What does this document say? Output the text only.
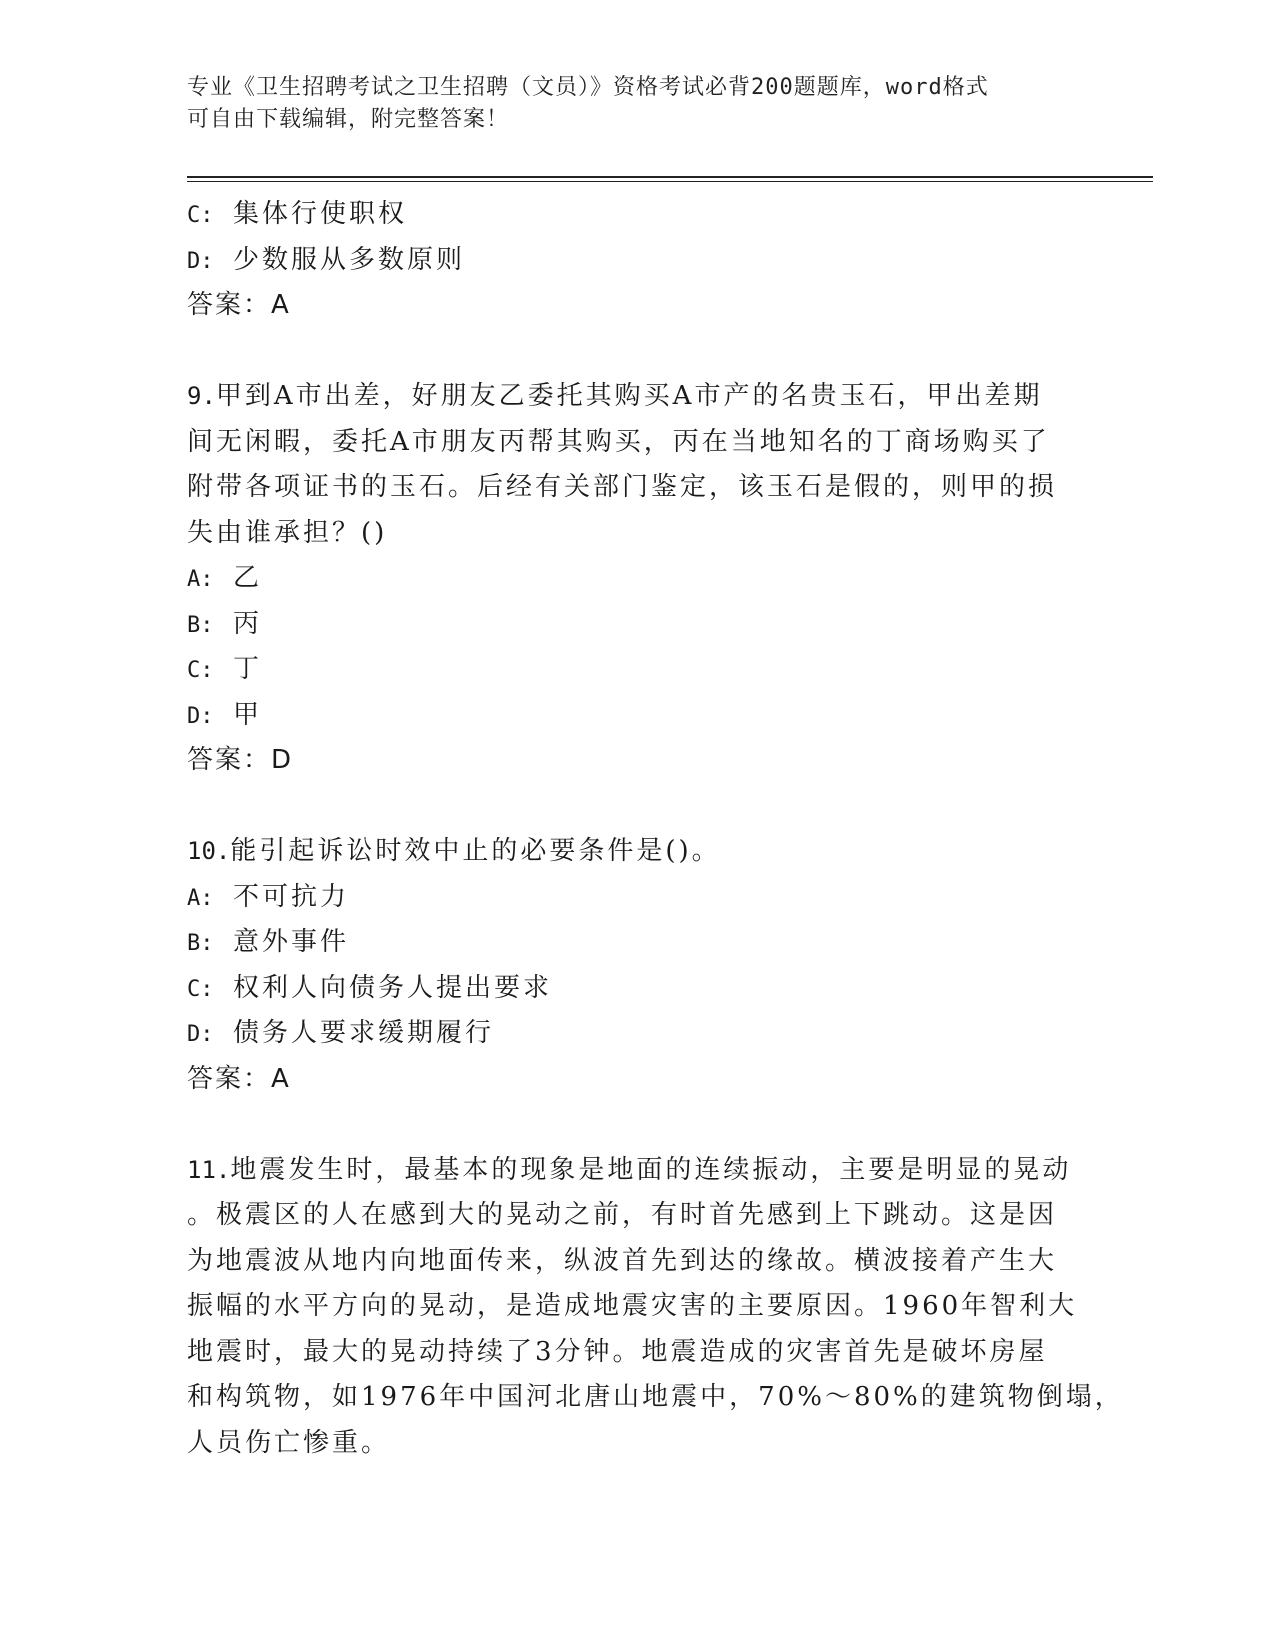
专业《卫生招聘考试之卫生招聘（文员）》资格考试必背200题题库，word格式
可自由下载编辑，附完整答案！
C: 集体行使职权
D: 少数服从多数原则
答案：A
9.甲到A市出差，好朋友乙委托其购买A市产的名贵玉石，甲出差期
间无闲暇，委托A市朋友丙帮其购买，丙在当地知名的丁商场购买了
附带各项证书的玉石。后经有关部门鉴定，该玉石是假的，则甲的损
失由谁承担？()
A: 乙
B: 丙
C: 丁
D: 甲
答案：D
10.能引起诉讼时效中止的必要条件是()。
A: 不可抗力
B: 意外事件
C: 权利人向债务人提出要求
D: 债务人要求缓期履行
答案：A
11.地震发生时，最基本的现象是地面的连续振动，主要是明显的晃动
。极震区的人在感到大的晃动之前，有时首先感到上下跳动。这是因
为地震波从地内向地面传来，纵波首先到达的缘故。横波接着产生大
振幅的水平方向的晃动，是造成地震灾害的主要原因。1960年智利大
地震时，最大的晃动持续了3分钟。地震造成的灾害首先是破坏房屋
和构筑物，如1976年中国河北唐山地震中，70%～80%的建筑物倒塌，
人员伤亡惨重。
